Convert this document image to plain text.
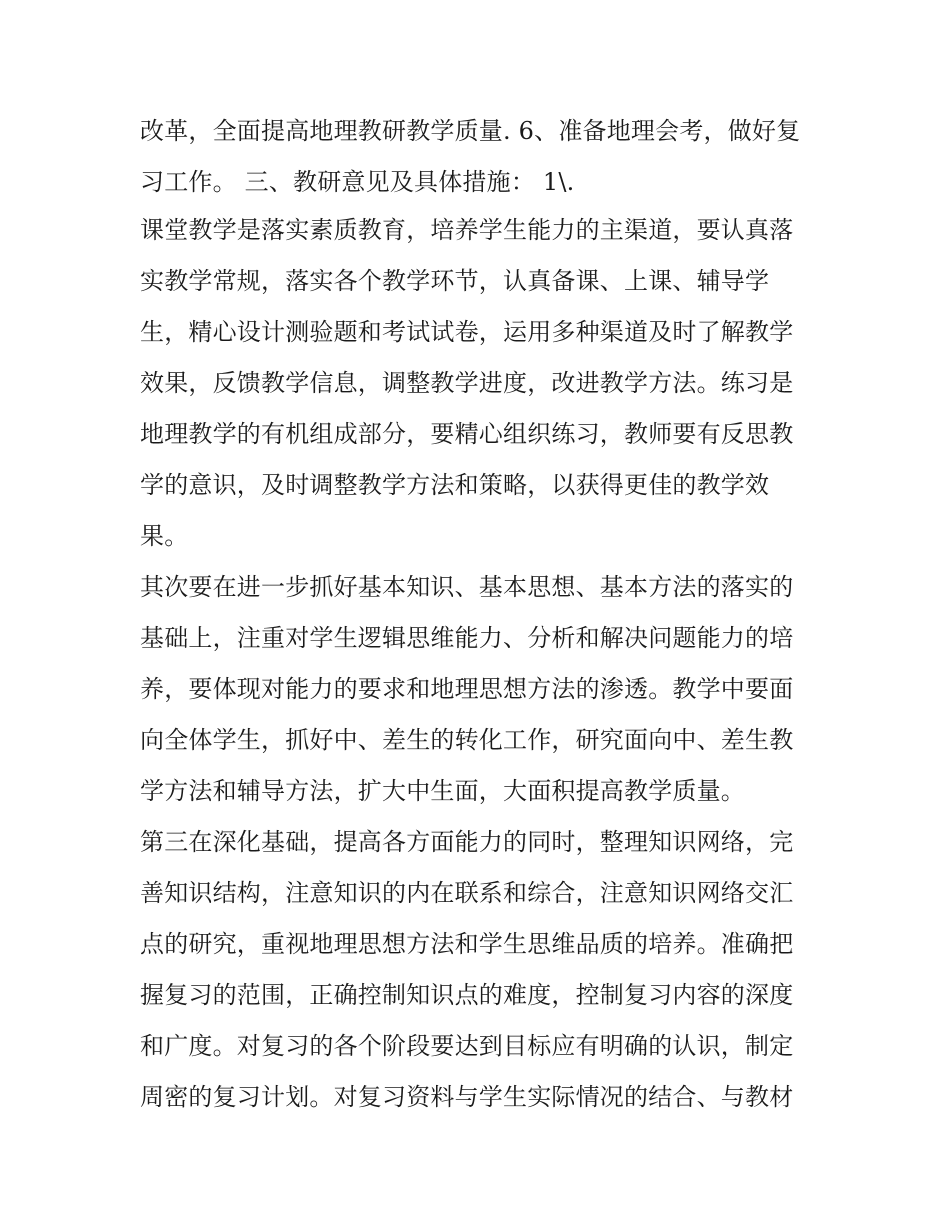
改革，全面提高地理教研教学质量. 6、准备地理会考，做好复
习工作。 三、教研意见及具体措施： 1\.
课堂教学是落实素质教育，培养学生能力的主渠道，要认真落
实教学常规，落实各个教学环节，认真备课、上课、辅导学
生，精心设计测验题和考试试卷，运用多种渠道及时了解教学
效果，反馈教学信息，调整教学进度，改进教学方法。练习是
地理教学的有机组成部分，要精心组织练习，教师要有反思教
学的意识，及时调整教学方法和策略，以获得更佳的教学效
果。
其次要在进一步抓好基本知识、基本思想、基本方法的落实的
基础上，注重对学生逻辑思维能力、分析和解决问题能力的培
养，要体现对能力的要求和地理思想方法的渗透。教学中要面
向全体学生，抓好中、差生的转化工作，研究面向中、差生教
学方法和辅导方法，扩大中生面，大面积提高教学质量。
第三在深化基础，提高各方面能力的同时，整理知识网络，完
善知识结构，注意知识的内在联系和综合，注意知识网络交汇
点的研究，重视地理思想方法和学生思维品质的培养。准确把
握复习的范围，正确控制知识点的难度，控制复习内容的深度
和广度。对复习的各个阶段要达到目标应有明确的认识，制定
周密的复习计划。对复习资料与学生实际情况的结合、与教材
